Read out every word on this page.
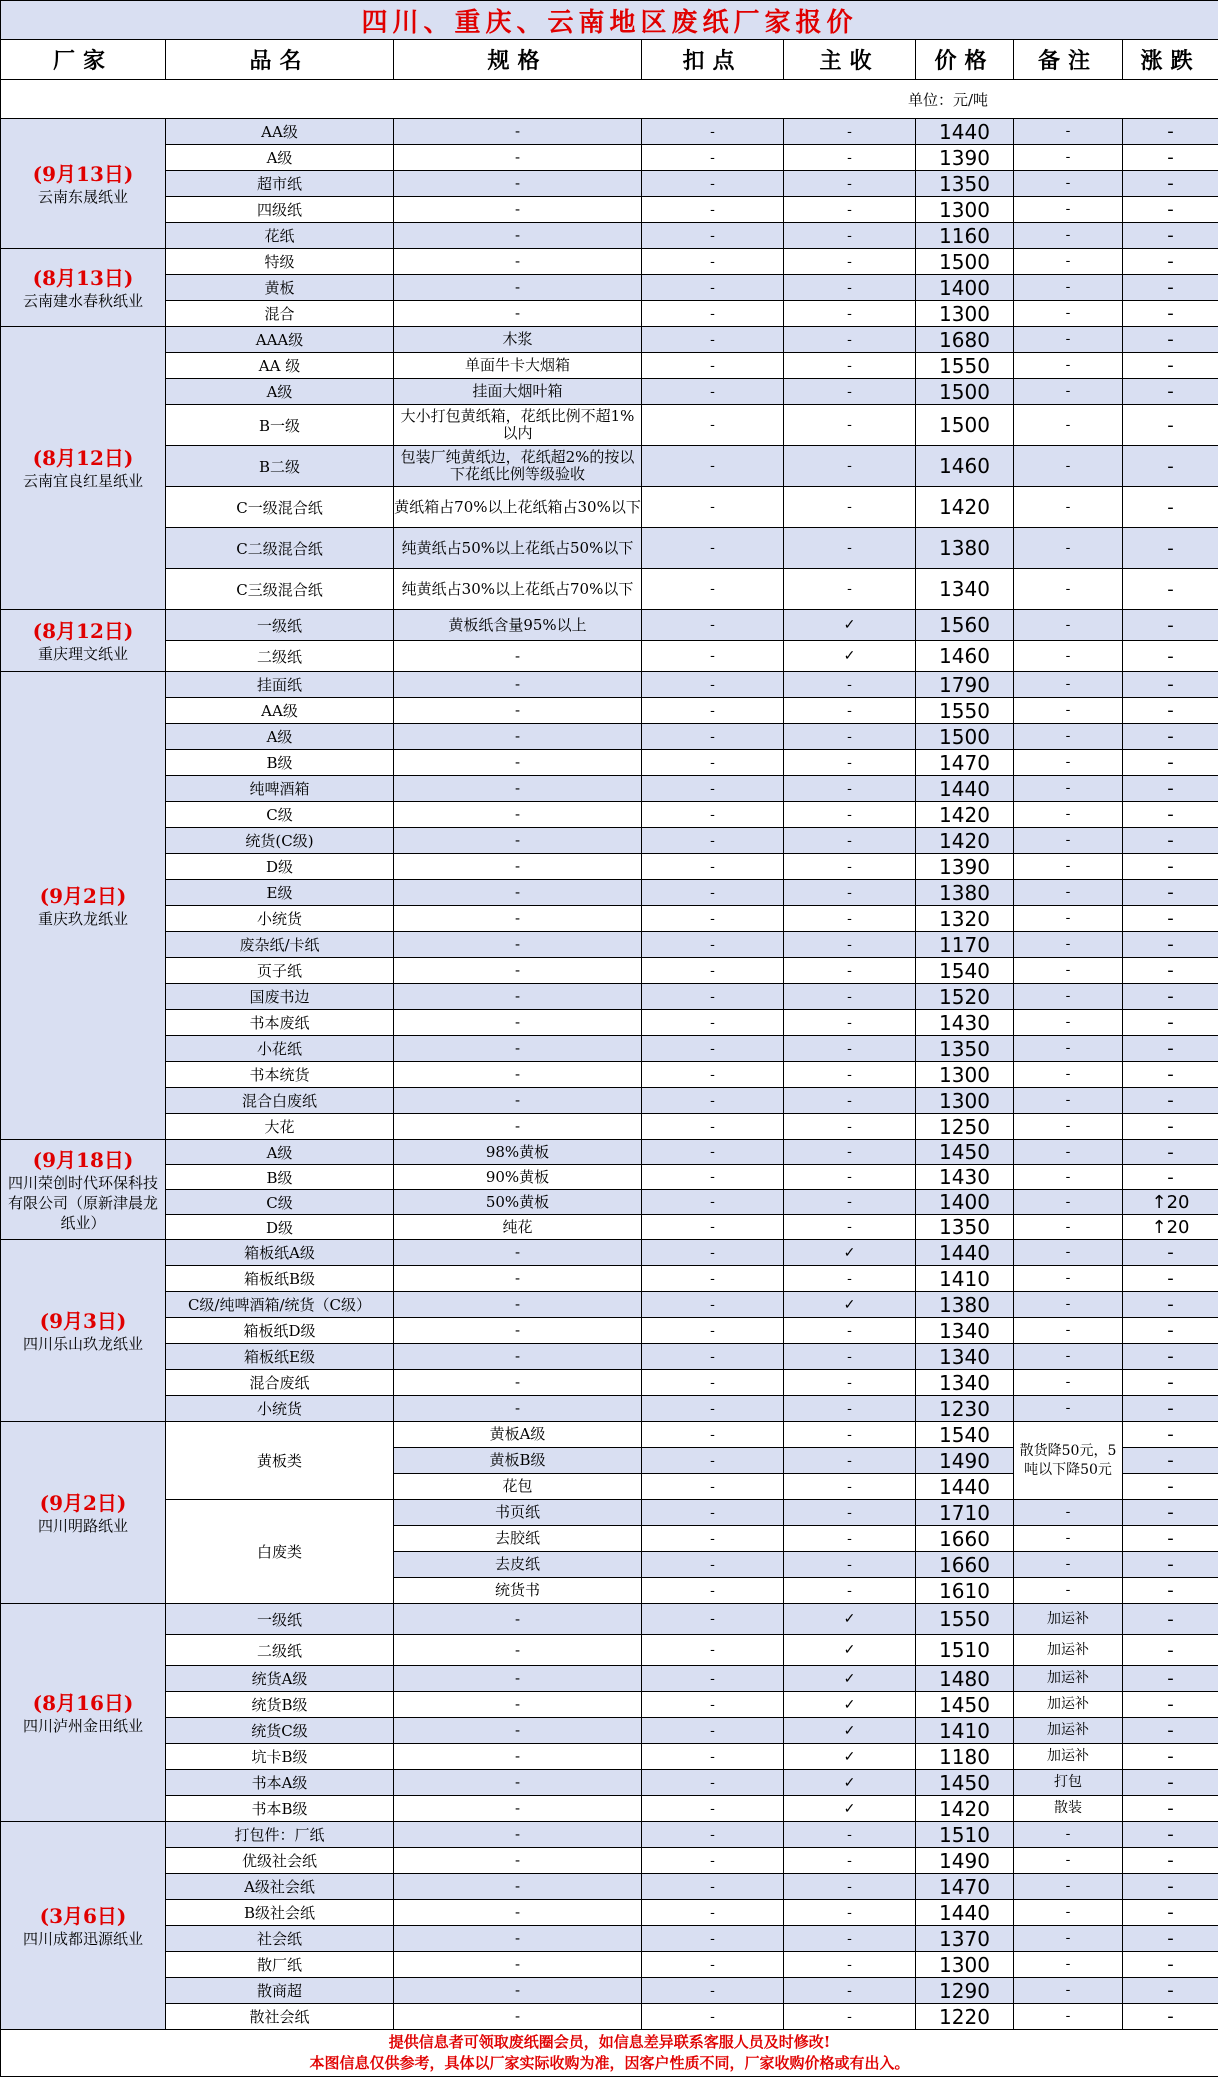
四川、重庆、云南地区废纸厂家报价							
厂家	品名	规格	扣点	主收	价格	备注	涨跌
单位：元/吨							

(9月13日)
云南东晟纸业	AA级	-	-	-	1440	-	-
	A级	-	-	-	1390	-	-
	超市纸	-	-	-	1350	-	-
	四级纸	-	-	-	1300	-	-
	花纸	-	-	-	1160	-	-

(8月13日)
云南建水春秋纸业	特级	-	-	-	1500	-	-
	黄板	-	-	-	1400	-	-
	混合	-	-	-	1300	-	-

(8月12日)
云南宜良红星纸业	AAA级	木浆	-	-	1680	-	-
	AA 级	单面牛卡大烟箱	-	-	1550	-	-
	A级	挂面大烟叶箱	-	-	1500	-	-
	B一级	大小打包黄纸箱，花纸比例不超1%以内	-	-	1500	-	-
	B二级	包装厂纯黄纸边，花纸超2%的按以下花纸比例等级验收	-	-	1460	-	-
	C一级混合纸	黄纸箱占70%以上花纸箱占30%以下	-	-	1420	-	-
	C二级混合纸	纯黄纸占50%以上花纸占50%以下	-	-	1380	-	-
	C三级混合纸	纯黄纸占30%以上花纸占70%以下	-	-	1340	-	-

(8月12日)
重庆理文纸业	一级纸	黄板纸含量95%以上	-	✓	1560	-	-
	二级纸	-	-	✓	1460	-	-

(9月2日)
重庆玖龙纸业	挂面纸	-	-	-	1790	-	-
	AA级	-	-	-	1550	-	-
	A级	-	-	-	1500	-	-
	B级	-	-	-	1470	-	-
	纯啤酒箱	-	-	-	1440	-	-
	C级	-	-	-	1420	-	-
	统货(C级)	-	-	-	1420	-	-
	D级	-	-	-	1390	-	-
	E级	-	-	-	1380	-	-
	小统货	-	-	-	1320	-	-
	废杂纸/卡纸	-	-	-	1170	-	-
	页子纸	-	-	-	1540	-	-
	国废书边	-	-	-	1520	-	-
	书本废纸	-	-	-	1430	-	-
	小花纸	-	-	-	1350	-	-
	书本统货	-	-	-	1300	-	-
	混合白废纸	-	-	-	1300	-	-
	大花	-	-	-	1250	-	-

(9月18日)
四川荣创时代环保科技有限公司（原新津晨龙纸业）	A级	98%黄板	-	-	1450	-	-
	B级	90%黄板	-	-	1430	-	-
	C级	50%黄板	-	-	1400	-	↑20
	D级	纯花	-	-	1350	-	↑20

(9月3日)
四川乐山玖龙纸业	箱板纸A级	-	-	✓	1440	-	-
	箱板纸B级	-	-	-	1410	-	-
	C级/纯啤酒箱/统货（C级）	-	-	✓	1380	-	-
	箱板纸D级	-	-	-	1340	-	-
	箱板纸E级	-	-	-	1340	-	-
	混合废纸	-	-	-	1340	-	-
	小统货	-	-	-	1230	-	-

(9月2日)
四川明路纸业	黄板类	黄板A级	-	-	1540	散货降50元，5吨以下降50元	-
		黄板B级	-	-	1490		-
		花包	-	-	1440		-
	白废类	书页纸	-	-	1710	-	-
		去胶纸	-	-	1660	-	-
		去皮纸	-	-	1660	-	-
		统货书	-	-	1610	-	-

(8月16日)
四川泸州金田纸业	一级纸	-	-	✓	1550	加运补	-
	二级纸	-	-	✓	1510	加运补	-
	统货A级	-	-	✓	1480	加运补	-
	统货B级	-	-	✓	1450	加运补	-
	统货C级	-	-	✓	1410	加运补	-
	坑卡B级	-	-	✓	1180	加运补	-
	书本A级	-	-	✓	1450	打包	-
	书本B级	-	-	✓	1420	散装	-

(3月6日)
四川成都迅源纸业	打包件：厂纸	-	-	-	1510	-	-
	优级社会纸	-	-	-	1490	-	-
	A级社会纸	-	-	-	1470	-	-
	B级社会纸	-	-	-	1440	-	-
	社会纸	-	-	-	1370	-	-
	散厂纸	-	-	-	1300	-	-
	散商超	-	-	-	1290	-	-
	散社会纸	-	-	-	1220	-	-

提供信息者可领取废纸圈会员，如信息差异联系客服人员及时修改!
本图信息仅供参考，具体以厂家实际收购为准，因客户性质不同，厂家收购价格或有出入。							
